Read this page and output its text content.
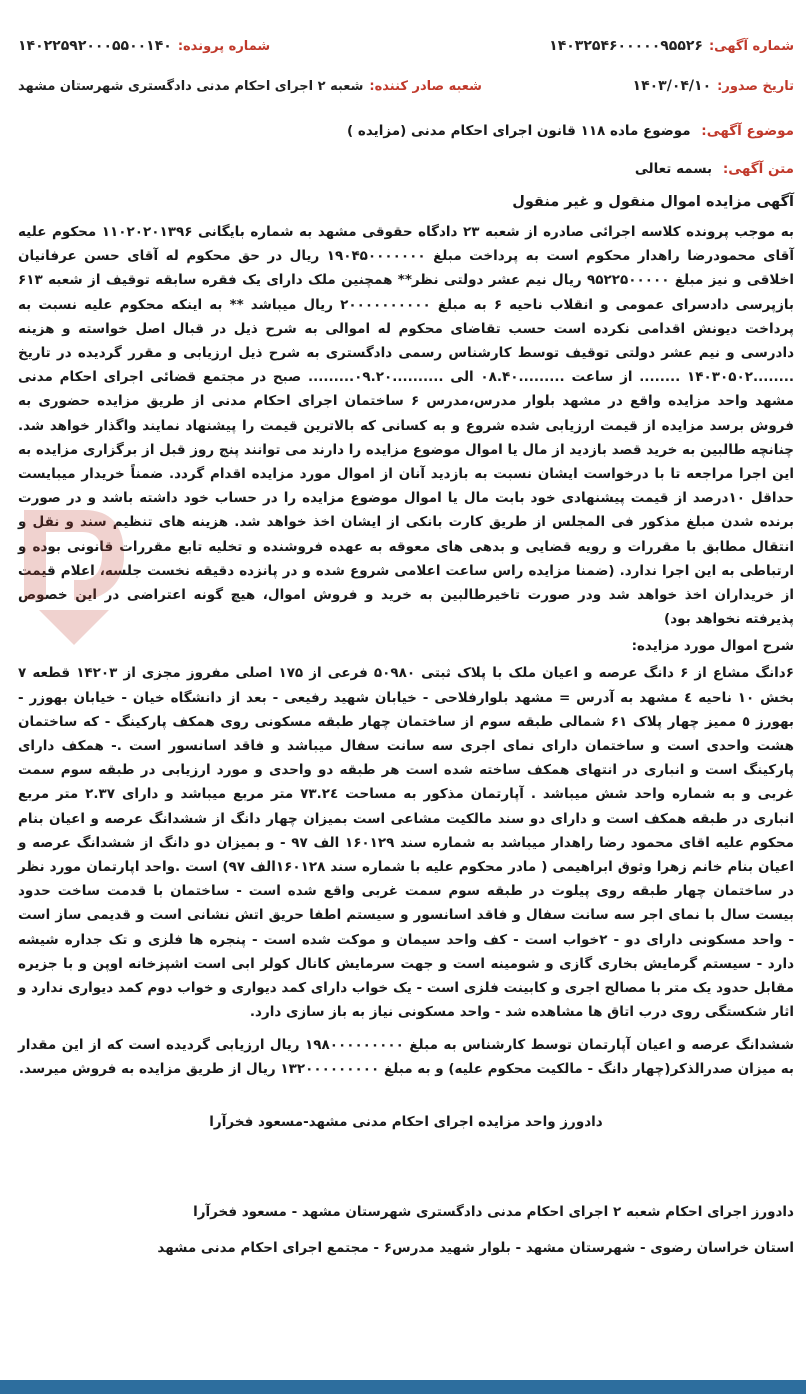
شماره آگهی:
۱۴۰۳۲۵۴۶۰۰۰۰۰۹۵۵۲۶
شماره پرونده:
۱۴۰۲۲۵۹۲۰۰۰۵۵۰۰۱۴۰
تاریخ صدور:
۱۴۰۳/۰۴/۱۰
شعبه صادر کننده:
شعبه ۲ اجرای احکام مدنی دادگستری شهرستان مشهد
موضوع آگهی: موضوع ماده ۱۱۸ قانون اجرای احکام مدنی (مزایده )
متن آگهی: بسمه تعالی
آگهی مزایده اموال منقول و غیر منقول

به موجب پرونده کلاسه اجرائی صادره از شعبه ۲۳ دادگاه حقوقی مشهد به شماره بایگانی ۱۱۰۲۰۲۰۱۳۹۶ محکوم علیه آقای محمودرضا راهدار محکوم است به پرداخت مبلغ ۱۹۰۴۵۰۰۰۰۰۰۰ ریال در حق محکوم له آقای حسن عرفانیان اخلاقی و نیز مبلغ ۹۵۲۲۵۰۰۰۰۰ ریال نیم عشر دولتی نظر** همچنین ملک دارای یک فقره سابقه توقیف از شعبه ۶۱۳ بازپرسی دادسرای عمومی و انقلاب ناحیه ۶ به مبلغ ۲۰۰۰۰۰۰۰۰۰۰ ریال میباشد ** به اینکه محکوم علیه نسبت به پرداخت دیونش اقدامی نکرده است حسب تقاضای محکوم له اموالی به شرح ذیل در قبال اصل خواسته و هزینه دادرسی و نیم عشر دولتی توقیف توسط کارشناس رسمی دادگستری به شرح ذیل ارزیابی و مقرر گردیده در تاریخ ........۱۴۰۳۰۵۰۲ ........ از ساعت .........۰۸.۴۰ الی ..........۰۹.۲۰......... صبح در مجتمع قضائی اجرای احکام مدنی مشهد واحد مزایده واقع در مشهد بلوار مدرس،مدرس ۶ ساختمان اجرای احکام مدنی از طریق مزایده حضوری به فروش برسد مزایده از قیمت ارزیابی شده شروع و به کسانی که بالاترین قیمت را پیشنهاد نمایند واگذار خواهد شد. چنانچه طالبین به خرید قصد بازدید از مال یا اموال موضوع مزایده را دارند می توانند پنج روز قبل از برگزاری مزایده به این اجرا مراجعه تا با درخواست ایشان نسبت به بازدید آنان از اموال مورد مزایده اقدام گردد. ضمناً خریدار میبایست حداقل ۱۰درصد از قیمت پیشنهادی خود بابت مال یا اموال موضوع مزایده را در حساب خود داشته باشد و در صورت برنده شدن مبلغ مذکور فی المجلس از طریق کارت بانکی از ایشان اخذ خواهد شد. هزینه های تنظیم سند و نقل و انتقال مطابق با مقررات و رویه قضایی و بدهی های معوقه به عهده فروشنده و تخلیه تابع مقررات قانونی بوده و ارتباطی به این اجرا ندارد. (ضمنا مزایده راس ساعت اعلامی شروع شده و در پانزده دقیقه نخست جلسه، اعلام قیمت از خریداران اخذ خواهد شد ودر صورت تاخیرطالبین به خرید و فروش اموال، هیچ گونه اعتراضی در این خصوص پذیرفته نخواهد بود)

شرح اموال مورد مزایده:

۶دانگ مشاع از ۶ دانگ عرصه و اعیان ملک با پلاک ثبتی ۵۰۹۸۰ فرعی از ۱۷۵ اصلی مفروز مجزی از ۱۴۲۰۳ قطعه ۷ بخش ۱۰ ناحیه ٤ مشهد به آدرس = مشهد بلوارفلاحی - خیابان شهید رفیعی - بعد از دانشگاه خیان - خیابان بهوزر - بهورز ٥ ممیز چهار پلاک ۶۱ شمالی طبقه سوم از ساختمان چهار طبقه مسکونی روی همکف پارکینگ - که ساختمان هشت واحدی است و ساختمان دارای نمای اجری سه سانت سفال میباشد و فاقد اسانسور است .- همکف دارای پارکینگ است و انباری در انتهای همکف ساخته شده است هر طبقه دو واحدی و مورد ارزیابی در طبقه سوم سمت غربی و به شماره واحد شش میباشد . آپارتمان مذکور به مساحت ۷۳.۲٤ متر مربع میباشد و دارای ۲.۳۷ متر مربع انباری در طبقه همکف است و دارای دو سند مالکیت مشاعی است بمیزان چهار دانگ از ششدانگ عرصه و اعیان بنام محکوم علیه اقای محمود رضا راهدار میباشد به شماره سند ۱۶۰۱۲۹ الف ۹۷ - و بمیزان دو دانگ از ششدانگ عرصه و اعیان بنام خانم زهرا وثوق ابراهیمی ( مادر محکوم علیه با شماره سند ۱۶۰۱۲۸الف ۹۷) است .واحد اپارتمان مورد نظر در ساختمان چهار طبقه روی پیلوت در طبقه سوم سمت غربی واقع شده است - ساختمان با قدمت ساخت حدود بیست سال با نمای اجر سه سانت سفال و فاقد اسانسور و سیستم اطفا حریق اتش نشانی است و قدیمی ساز است - واحد مسکونی دارای دو - ۲خواب است - کف واحد سیمان و موکت شده است - پنجره ها فلزی و تک جداره شیشه دارد - سیستم گرمایش بخاری گازی و شومینه است و جهت سرمایش کانال کولر ابی است اشپزخانه اوپن و با جزیره مقابل حدود یک متر با مصالح اجری و کابینت فلزی است - یک خواب دارای کمد دیواری و خواب دوم کمد دیواری ندارد و اثار شکستگی روی درب اتاق ها مشاهده شد - واحد مسکونی نیاز به باز سازی دارد.

ششدانگ عرصه و اعیان آپارتمان توسط کارشناس به مبلغ ۱۹۸۰۰۰۰۰۰۰۰۰ ریال ارزیابی گردیده است که از این مقدار به میزان صدرالذکر(چهار دانگ - مالکیت محکوم علیه) و به مبلغ ۱۳۲۰۰۰۰۰۰۰۰۰ ریال از طریق مزایده به فروش میرسد.

دادورز واحد مزایده اجرای احکام مدنی مشهد-مسعود فخرآرا
دادورز اجرای احکام شعبه ۲ اجرای احکام مدنی دادگستری شهرستان مشهد - مسعود فخرآرا
استان خراسان رضوی - شهرستان مشهد - بلوار شهید مدرس۶ - مجتمع اجرای احکام مدنی مشهد
